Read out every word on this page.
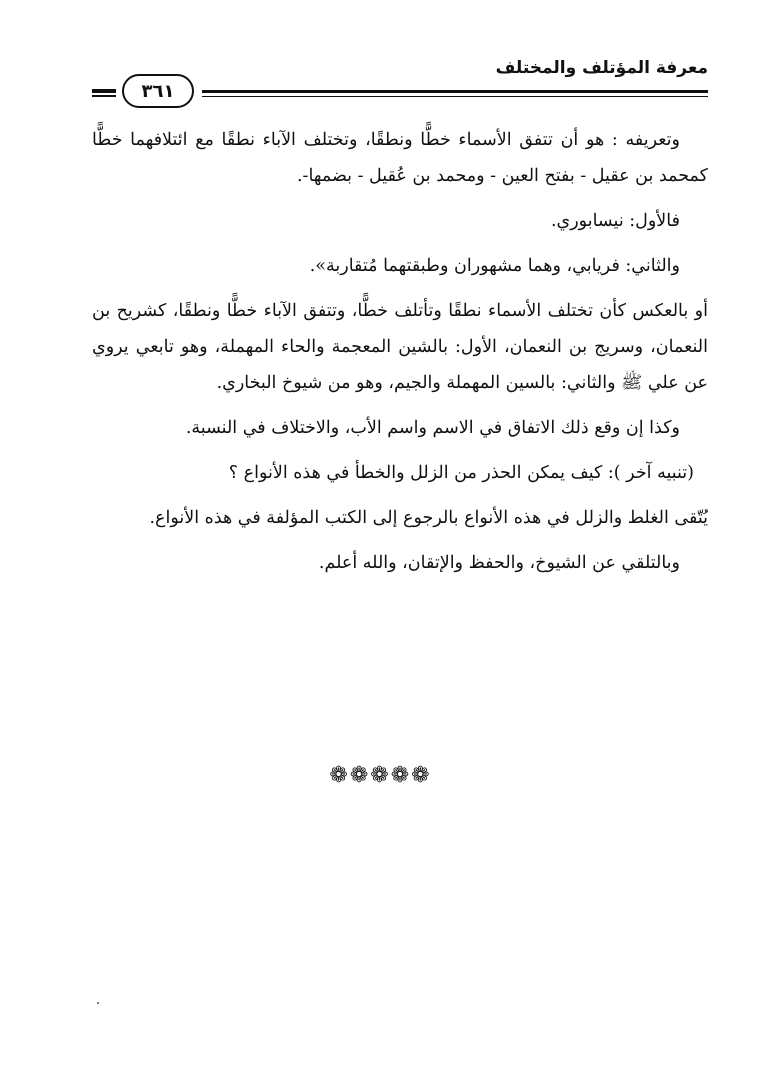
٣٦١
معرفة المؤتلف والمختلف

وتعريفه : هو أن تتفق الأسماء خطًّا ونطقًا، وتختلف الآباء نطقًا مع ائتلافهما خطًّا كمحمد بن عقيل - بفتح العين - ومحمد بن عُقيل - بضمها-.

فالأول: نيسابوري.

والثاني: فريابي، وهما مشهوران وطبقتهما مُتقاربة».

أو بالعكس كأن تختلف الأسماء نطقًا وتأتلف خطًّا، وتتفق الآباء خطًّا ونطقًا، كشريح بن النعمان، وسريج بن النعمان، الأول: بالشين المعجمة والحاء المهملة، وهو تابعي يروي عن علي ﷺ والثاني: بالسين المهملة والجيم، وهو من شيوخ البخاري.

وكذا إن وقع ذلك الاتفاق في الاسم واسم الأب، والاختلاف في النسبة.

(تنبيه آخر ): كيف يمكن الحذر من الزلل والخطأ في هذه الأنواع ؟

يُتّقى الغلط والزلل في هذه الأنواع بالرجوع إلى الكتب المؤلفة في هذه الأنواع.

وبالتلقي عن الشيوخ، والحفظ والإتقان، والله أعلم.

❁❁❁❁❁
